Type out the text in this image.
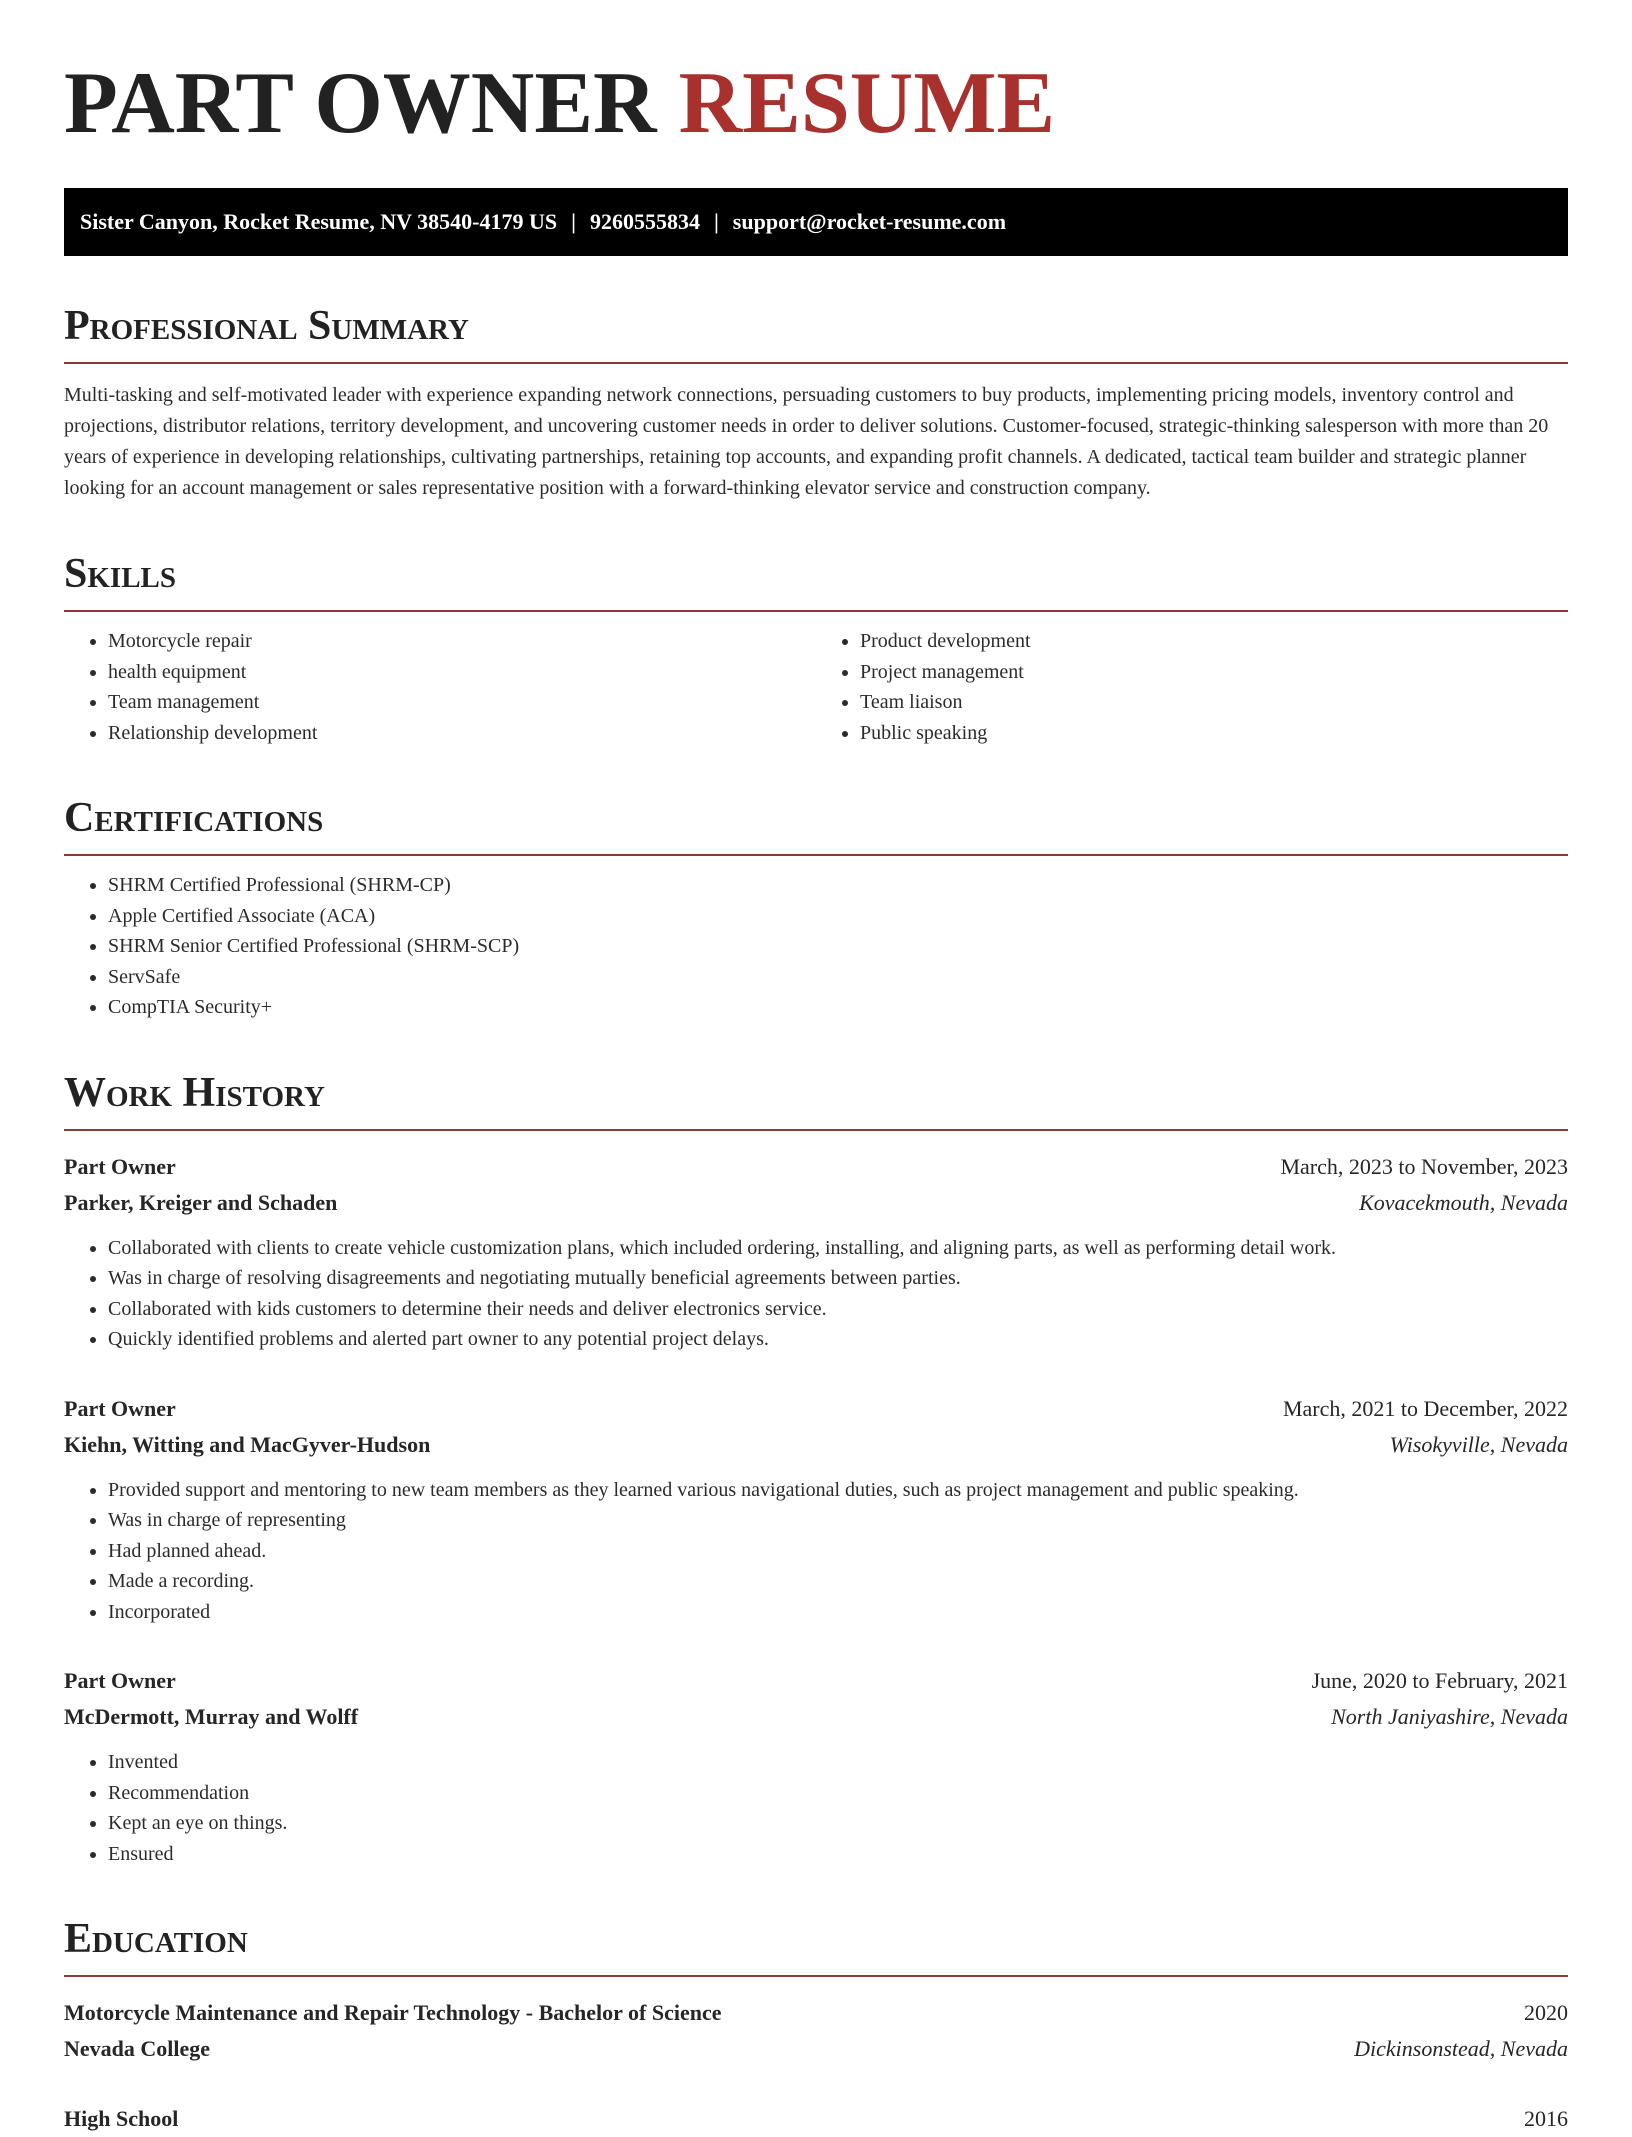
PART OWNER RESUME
Sister Canyon, Rocket Resume, NV 38540-4179 US | 9260555834 | support@rocket-resume.com
Professional Summary

Multi-tasking and self-motivated leader with experience expanding network connections, persuading customers to buy products, implementing pricing models, inventory control and projections, distributor relations, territory development, and uncovering customer needs in order to deliver solutions. Customer-focused, strategic-thinking salesperson with more than 20 years of experience in developing relationships, cultivating partnerships, retaining top accounts, and expanding profit channels. A dedicated, tactical team builder and strategic planner looking for an account management or sales representative position with a forward-thinking elevator service and construction company.

Skills
• Motorcycle repair
• health equipment
• Team management
• Relationship development
• Product development
• Project management
• Team liaison
• Public speaking
Certifications
• SHRM Certified Professional (SHRM-CP)
• Apple Certified Associate (ACA)
• SHRM Senior Certified Professional (SHRM-SCP)
• ServSafe
• CompTIA Security+
Work History
Part Owner	March, 2023 to November, 2023
Parker, Kreiger and Schaden	Kovacekmouth, Nevada
• Collaborated with clients to create vehicle customization plans, which included ordering, installing, and aligning parts, as well as performing detail work.
• Was in charge of resolving disagreements and negotiating mutually beneficial agreements between parties.
• Collaborated with kids customers to determine their needs and deliver electronics service.
• Quickly identified problems and alerted part owner to any potential project delays.
Part Owner	March, 2021 to December, 2022
Kiehn, Witting and MacGyver-Hudson	Wisokyville, Nevada
• Provided support and mentoring to new team members as they learned various navigational duties, such as project management and public speaking.
• Was in charge of representing
• Had planned ahead.
• Made a recording.
• Incorporated
Part Owner	June, 2020 to February, 2021
McDermott, Murray and Wolff	North Janiyashire, Nevada
• Invented
• Recommendation
• Kept an eye on things.
• Ensured
Education
Motorcycle Maintenance and Repair Technology - Bachelor of Science	2020
Nevada College	Dickinsonstead, Nevada
High School	2016
